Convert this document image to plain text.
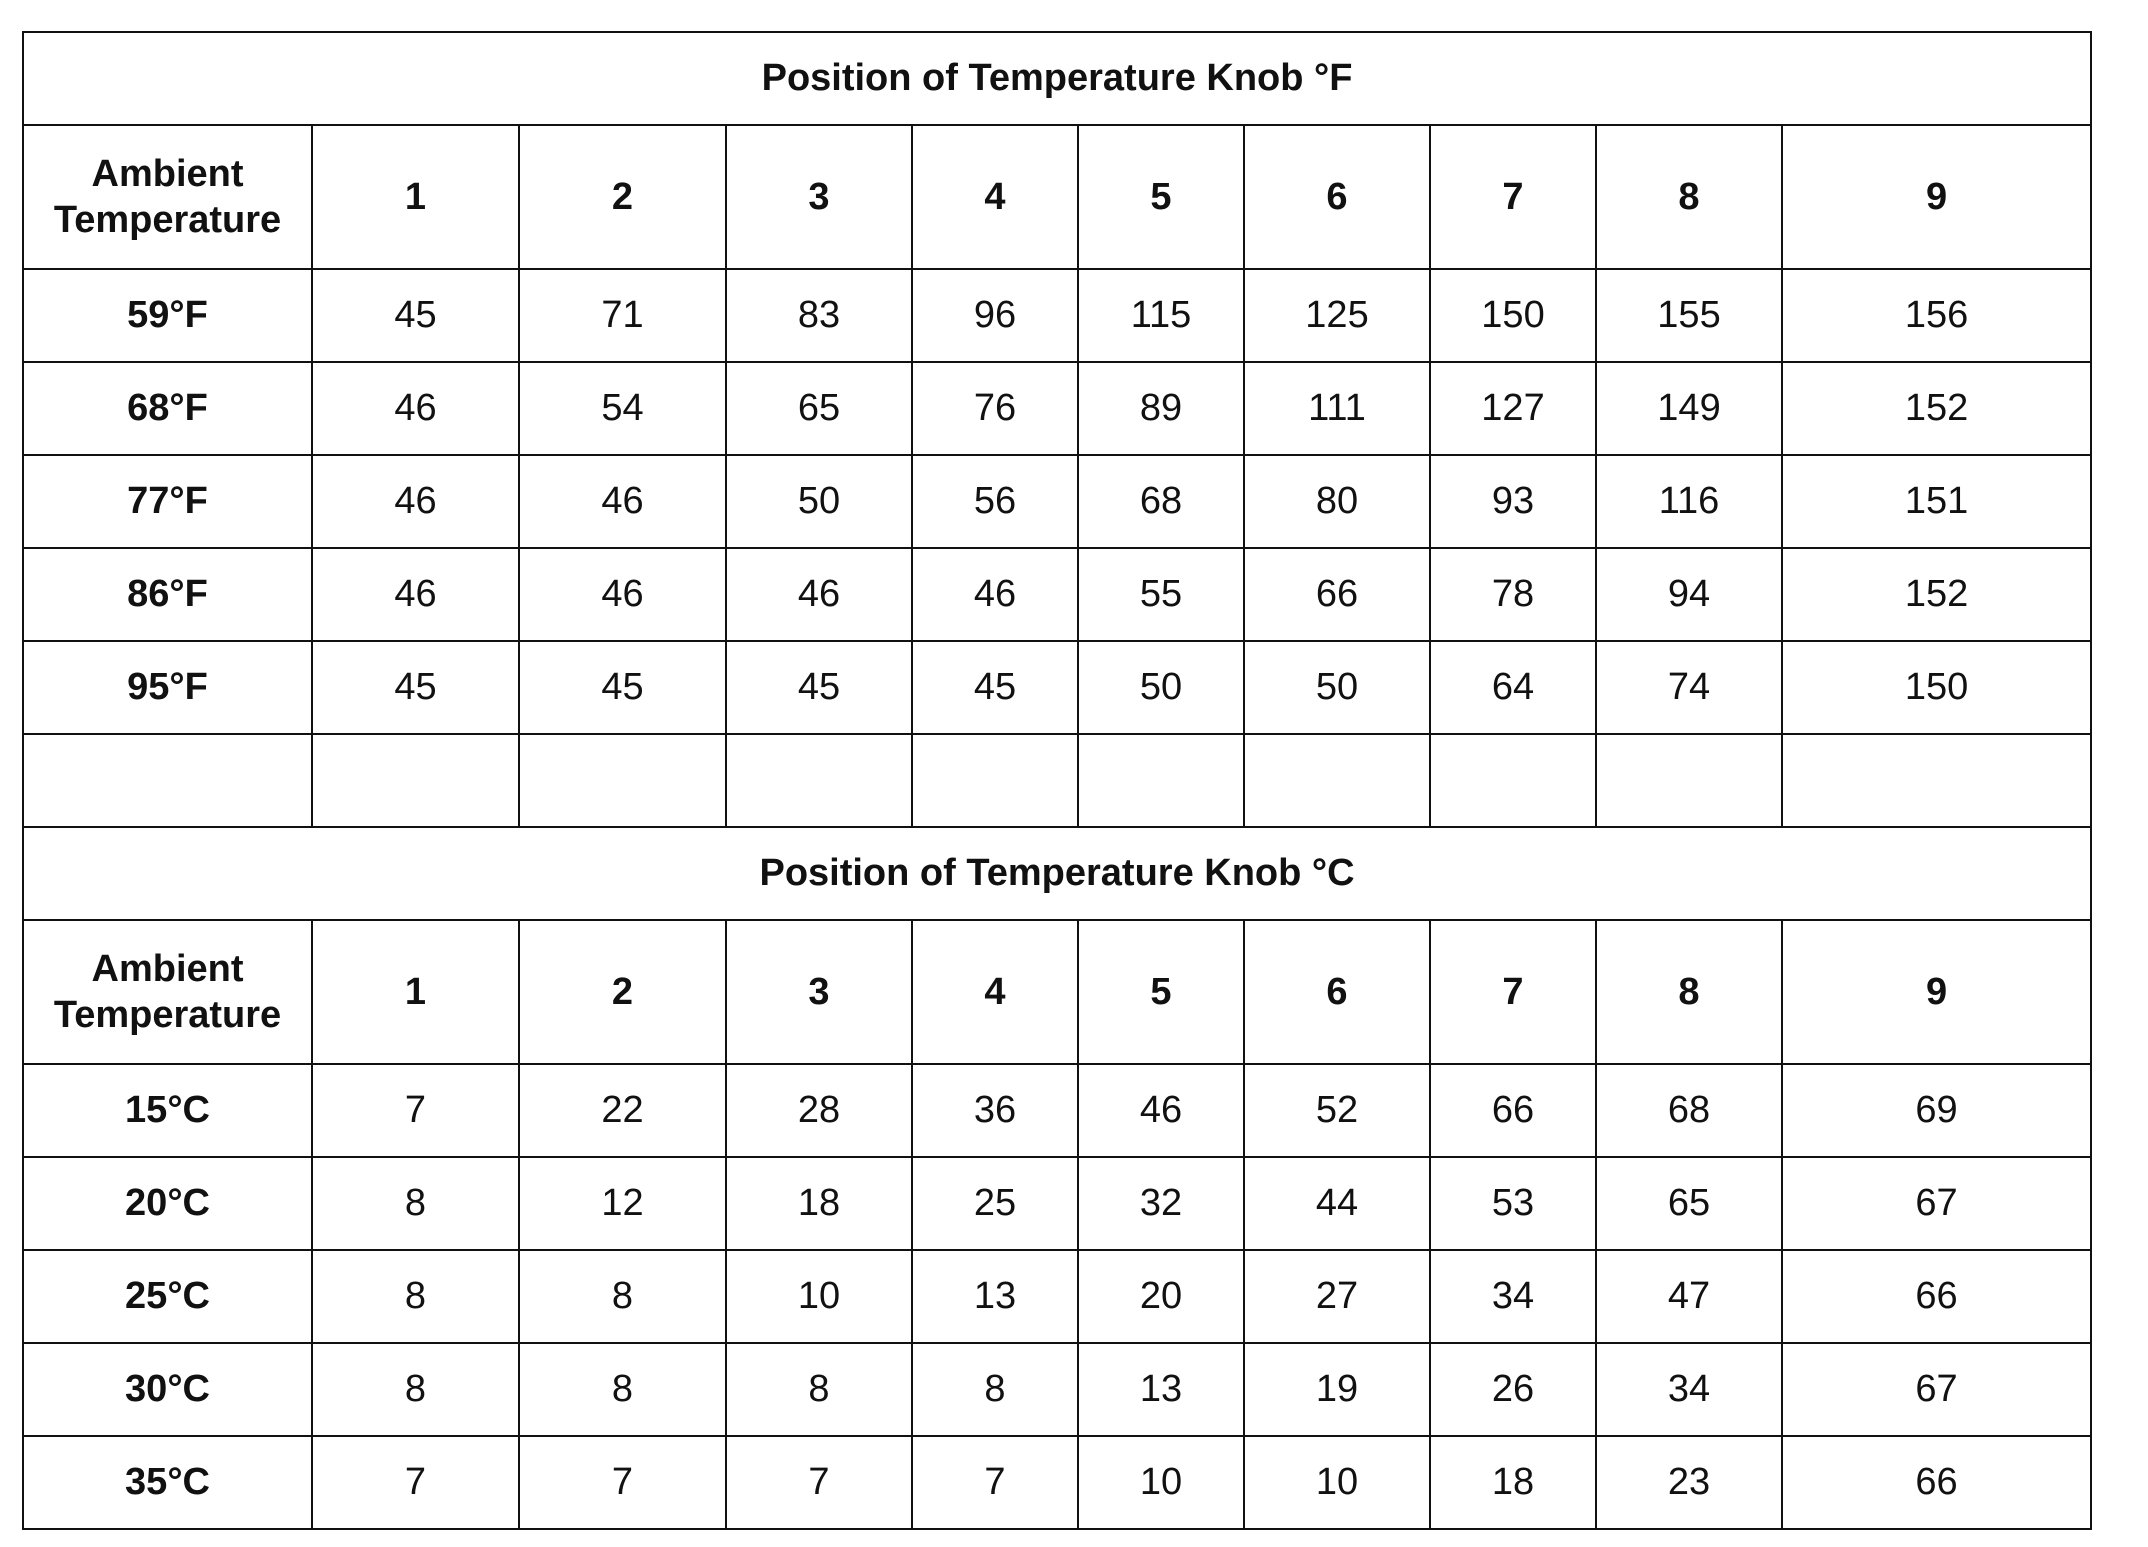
Position of Temperature Knob °F									
Ambient Temperature	1	2	3	4	5	6	7	8	9
59°F	45	71	83	96	115	125	150	155	156
68°F	46	54	65	76	89	111	127	149	152
77°F	46	46	50	56	68	80	93	116	151
86°F	46	46	46	46	55	66	78	94	152
95°F	45	45	45	45	50	50	64	74	150

Position of Temperature Knob °C									
Ambient Temperature	1	2	3	4	5	6	7	8	9
15°C	7	22	28	36	46	52	66	68	69
20°C	8	12	18	25	32	44	53	65	67
25°C	8	8	10	13	20	27	34	47	66
30°C	8	8	8	8	13	19	26	34	67
35°C	7	7	7	7	10	10	18	23	66
